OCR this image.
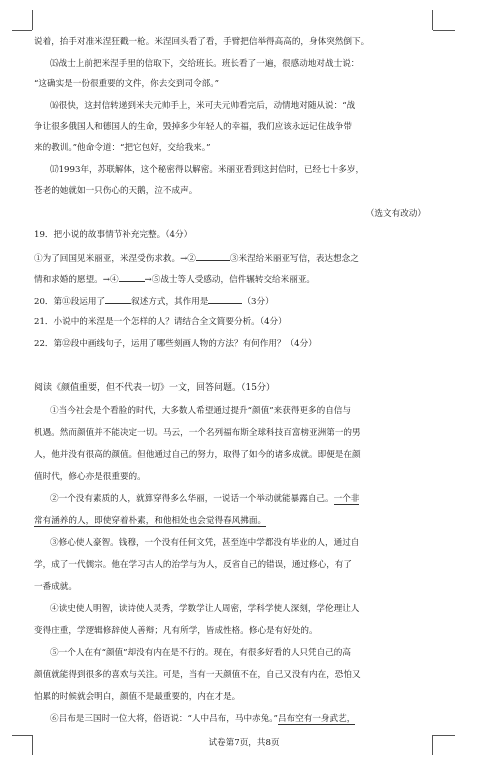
说着，抬手对准米涅狂戳一枪。米涅回头看了看，手臂把信举得高高的，身体突然倒下。
⒂战士上前把米涅手里的信取下，交给班长。班长看了一遍，很感动地对战士说：
“这确实是一份很重要的文件，你去交到司令部。”
⒃很快，这封信转递到米夫元帅手上，米可夫元帅看完后，动情地对随从说：“战
争让很多俄国人和德国人的生命，毁掉多少年轻人的幸福，我们应该永远记住战争带
来的教训。”他命令道：“把它包好，交给我来。”
⒄1993年，苏联解体，这个秘密得以解密。米丽亚看到这封信时，已经七十多岁，
苍老的她就如一只伤心的天鹅，泣不成声。
（选文有改动）
19．把小说的故事情节补充完整。（4分）
①为了回国见米丽亚，米涅受伤求救。→②	③米涅给米丽亚写信，表达想念之
情和求婚的愿望。→④	→⑤战士等人受感动，信件辗转交给米丽亚。
20．第⑪段运用了	叙述方式，其作用是	（3分）
21．小说中的米涅是一个怎样的人？请结合全文简要分析。（4分）
22．第⑫段中画线句子，运用了哪些刻画人物的方法？有何作用？（4分）
阅读《颜值重要，但不代表一切》一文，回答问题。（15分）
①当今社会是个看脸的时代，大多数人希望通过提升“颜值”来获得更多的自信与
机遇。然而颜值并不能决定一切。马云，一个名列福布斯全球科技百富榜亚洲第一的男
人，他并没有很高的颜值。但他通过自己的努力，取得了如今的诸多成就。即便是在颜
值时代，修心亦是很重要的。
②一个没有素质的人，就算穿得多么华丽，一说话一个举动就能暴露自己。一个非
常有涵养的人，即使穿着朴素，和他相处也会觉得春风拂面。
③修心使人豪智。钱穆，一个没有任何文凭，甚至连中学都没有毕业的人，通过自
学，成了一代儒宗。他在学习古人的治学与为人，反省自己的错误，通过修心，有了
一番成就。
④读史使人明智，读诗使人灵秀，学数学让人周密，学科学使人深刻，学伦理让人
变得庄重，学逻辑修辞使人善辩；凡有所学，皆成性格。修心是有好处的。
⑤一个人在有“颜值”却没有内在是不行的。现在，有很多好看的人只凭自己的高
颜值就能得到很多的喜欢与关注。可是，当有一天颜值不在，自己又没有内在，恐怕又
怕累的时候就会明白，颜值不是最重要的，内在才是。
⑥吕布是三国时一位大将，俗语说：“人中吕布，马中赤兔。”吕布空有一身武艺，
试卷第7页，共8页
